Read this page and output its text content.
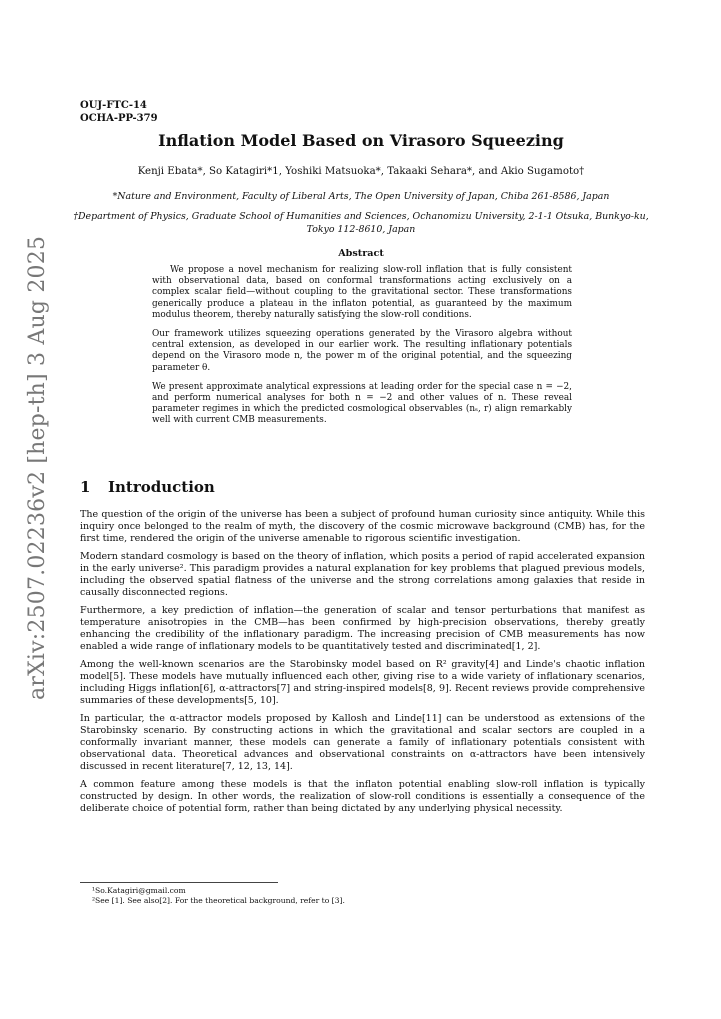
arXiv:2507.02236v2 [hep-th] 3 Aug 2025
OUJ-FTC-14
OCHA-PP-379
Inflation Model Based on Virasoro Squeezing
Kenji Ebata*, So Katagiri*1, Yoshiki Matsuoka*, Takaaki Sehara*, and Akio Sugamoto†
*Nature and Environment, Faculty of Liberal Arts, The Open University of Japan, Chiba 261-8586, Japan
†Department of Physics, Graduate School of Humanities and Sciences, Ochanomizu University, 2-1-1 Otsuka, Bunkyo-ku, Tokyo 112-8610, Japan
Abstract

We propose a novel mechanism for realizing slow-roll inflation that is fully consistent with observational data, based on conformal transformations acting exclusively on a complex scalar field—without coupling to the gravitational sector. These transformations generically produce a plateau in the inflaton potential, as guaranteed by the maximum modulus theorem, thereby naturally satisfying the slow-roll conditions.

Our framework utilizes squeezing operations generated by the Virasoro algebra without central extension, as developed in our earlier work. The resulting inflationary potentials depend on the Virasoro mode n, the power m of the original potential, and the squeezing parameter θ.

We present approximate analytical expressions at leading order for the special case n = −2, and perform numerical analyses for both n = −2 and other values of n. These reveal parameter regimes in which the predicted cosmological observables (nₛ, r) align remarkably well with current CMB measurements.

1 Introduction

The question of the origin of the universe has been a subject of profound human curiosity since antiquity. While this inquiry once belonged to the realm of myth, the discovery of the cosmic microwave background (CMB) has, for the first time, rendered the origin of the universe amenable to rigorous scientific investigation.

Modern standard cosmology is based on the theory of inflation, which posits a period of rapid accelerated expansion in the early universe². This paradigm provides a natural explanation for key problems that plagued previous models, including the observed spatial flatness of the universe and the strong correlations among galaxies that reside in causally disconnected regions.

Furthermore, a key prediction of inflation—the generation of scalar and tensor perturbations that manifest as temperature anisotropies in the CMB—has been confirmed by high-precision observations, thereby greatly enhancing the credibility of the inflationary paradigm. The increasing precision of CMB measurements has now enabled a wide range of inflationary models to be quantitatively tested and discriminated[1, 2].

Among the well-known scenarios are the Starobinsky model based on R² gravity[4] and Linde's chaotic inflation model[5]. These models have mutually influenced each other, giving rise to a wide variety of inflationary scenarios, including Higgs inflation[6], α-attractors[7] and string-inspired models[8, 9]. Recent reviews provide comprehensive summaries of these developments[5, 10].

In particular, the α-attractor models proposed by Kallosh and Linde[11] can be understood as extensions of the Starobinsky scenario. By constructing actions in which the gravitational and scalar sectors are coupled in a conformally invariant manner, these models can generate a family of inflationary potentials consistent with observational data. Theoretical advances and observational constraints on α-attractors have been intensively discussed in recent literature[7, 12, 13, 14].

A common feature among these models is that the inflaton potential enabling slow-roll inflation is typically constructed by design. In other words, the realization of slow-roll conditions is essentially a consequence of the deliberate choice of potential form, rather than being dictated by any underlying physical necessity.

¹So.Katagiri@gmail.com
²See [1]. See also[2]. For the theoretical background, refer to [3].
